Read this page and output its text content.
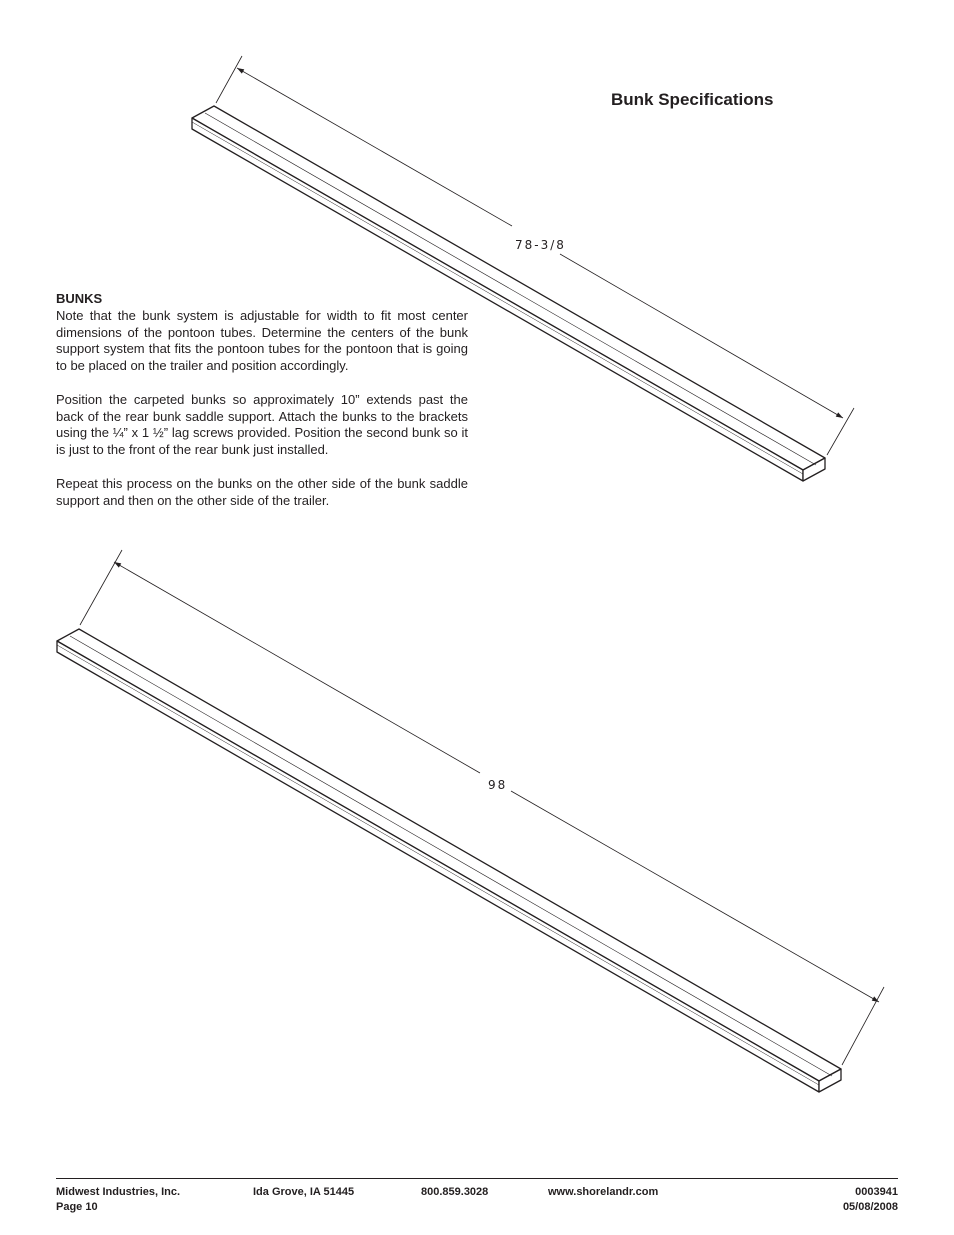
Bunk Specifications
BUNKS

Note that the bunk system is adjustable for width to fit most center dimensions of the pontoon tubes. Determine the centers of the bunk support system that fits the pontoon tubes for the pontoon that is going to be placed on the trailer and position accordingly.

Position the carpeted bunks so approximately 10” extends past the back of the rear bunk saddle support. Attach the bunks to the brackets using the ¼” x 1 ½” lag screws provided. Position the second bunk so it is just to the front of the rear bunk just installed.

Repeat this process on the bunks on the other side of the bunk saddle support and then on the other side of the trailer.

78-3/8
98
Midwest Industries, Inc.
Page 10
Ida Grove, IA 51445	800.859.3028	www.shorelandr.com	0003941
05/08/2008
